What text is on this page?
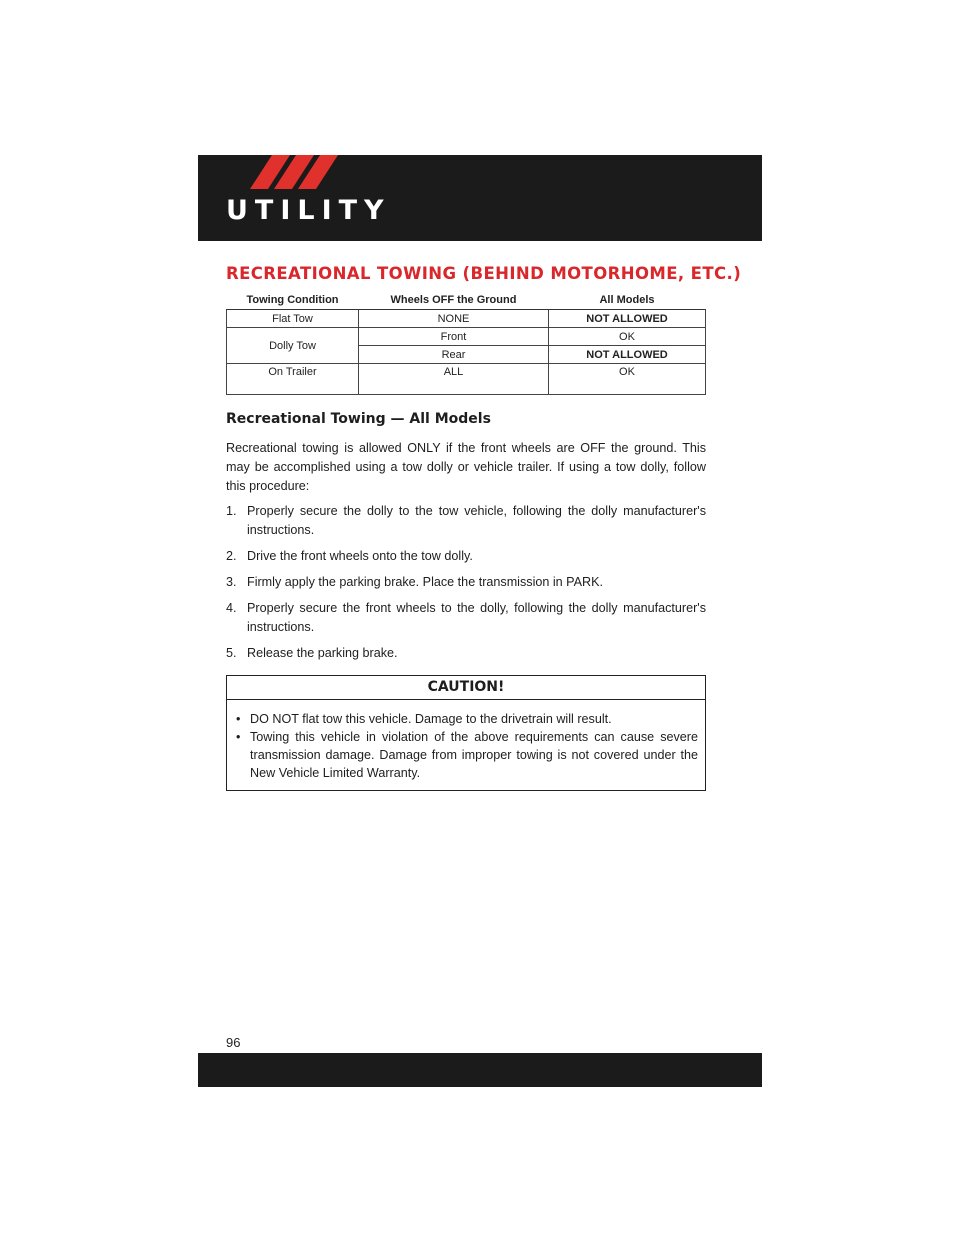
UTILITY
RECREATIONAL TOWING (BEHIND MOTORHOME, ETC.)
Towing Condition	Wheels OFF the Ground	All Models
Flat Tow	NONE	NOT ALLOWED
Dolly Tow	Front	OK
	Rear	NOT ALLOWED
On Trailer	ALL	OK
Recreational Towing — All Models

Recreational towing is allowed ONLY if the front wheels are OFF the ground. This may be accomplished using a tow dolly or vehicle trailer. If using a tow dolly, follow this procedure:

1. Properly secure the dolly to the tow vehicle, following the dolly manufacturer's instructions.
2. Drive the front wheels onto the tow dolly.
3. Firmly apply the parking brake. Place the transmission in PARK.
4. Properly secure the front wheels to the dolly, following the dolly manufacturer's instructions.
5. Release the parking brake.
CAUTION!
• DO NOT flat tow this vehicle. Damage to the drivetrain will result.
• Towing this vehicle in violation of the above requirements can cause severe transmission damage. Damage from improper towing is not covered under the New Vehicle Limited Warranty.
96
